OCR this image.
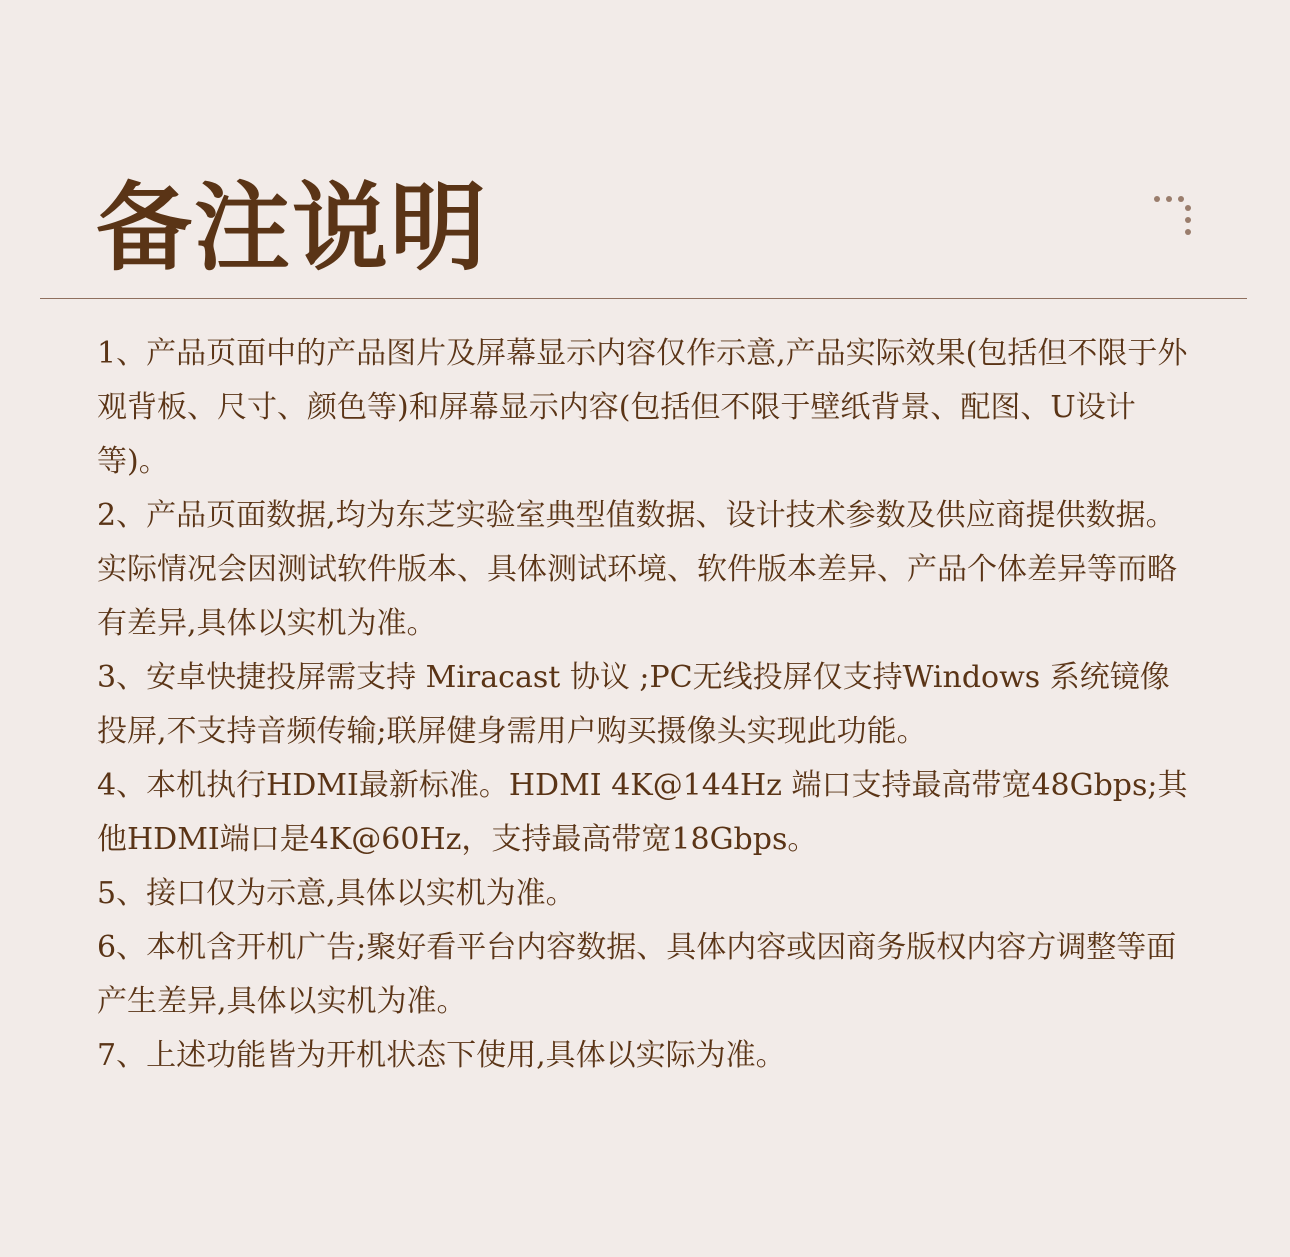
备注说明
1、产品页面中的产品图片及屏幕显示内容仅作示意,产品实际效果(包括但不限于外观背板、尺寸、颜色等)和屏幕显示内容(包括但不限于壁纸背景、配图、U设计等)。
2、产品页面数据,均为东芝实验室典型值数据、设计技术参数及供应商提供数据。实际情况会因测试软件版本、具体测试环境、软件版本差异、产品个体差异等而略有差异,具体以实机为准。
3、安卓快捷投屏需支持 Miracast 协议 ;PC无线投屏仅支持Windows 系统镜像投屏,不支持音频传输;联屏健身需用户购买摄像头实现此功能。
4、本机执行HDMI最新标准。HDMI 4K@144Hz 端口支持最高带宽48Gbps;其他HDMI端口是4K@60Hz，支持最高带宽18Gbps。
5、接口仅为示意,具体以实机为准。
6、本机含开机广告;聚好看平台内容数据、具体内容或因商务版权内容方调整等面产生差异,具体以实机为准。
7、上述功能皆为开机状态下使用,具体以实际为准。
